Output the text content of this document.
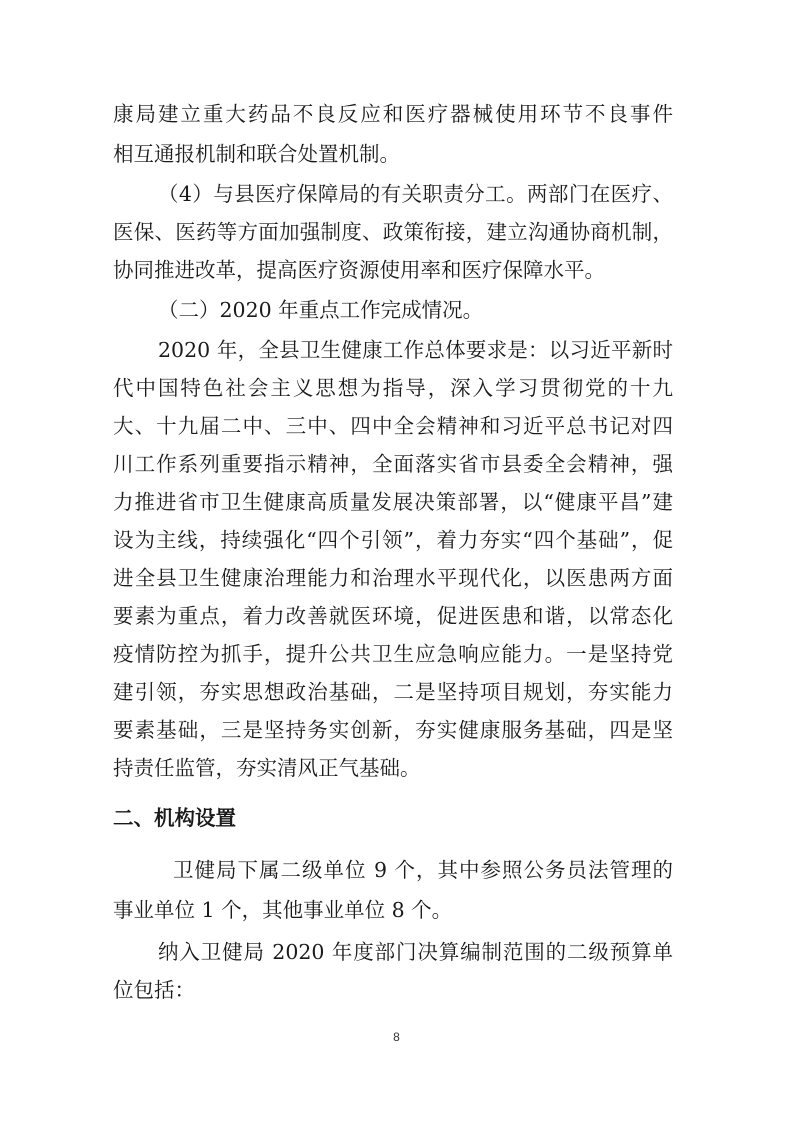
康局建立重大药品不良反应和医疗器械使用环节不良事件
相互通报机制和联合处置机制。
（4）与县医疗保障局的有关职责分工。两部门在医疗、
医保、医药等方面加强制度、政策衔接，建立沟通协商机制，
协同推进改革，提高医疗资源使用率和医疗保障水平。
（二）2020 年重点工作完成情况。
2020 年，全县卫生健康工作总体要求是：以习近平新时
代中国特色社会主义思想为指导，深入学习贯彻党的十九
大、十九届二中、三中、四中全会精神和习近平总书记对四
川工作系列重要指示精神，全面落实省市县委全会精神，强
力推进省市卫生健康高质量发展决策部署，以“健康平昌”建
设为主线，持续强化“四个引领”，着力夯实“四个基础”，促
进全县卫生健康治理能力和治理水平现代化，以医患两方面
要素为重点，着力改善就医环境，促进医患和谐，以常态化
疫情防控为抓手，提升公共卫生应急响应能力。一是坚持党
建引领，夯实思想政治基础，二是坚持项目规划，夯实能力
要素基础，三是坚持务实创新，夯实健康服务基础，四是坚
持责任监管，夯实清风正气基础。
二、机构设置
卫健局下属二级单位 9 个，其中参照公务员法管理的
事业单位 1 个，其他事业单位 8 个。
纳入卫健局 2020 年度部门决算编制范围的二级预算单
位包括：
8
